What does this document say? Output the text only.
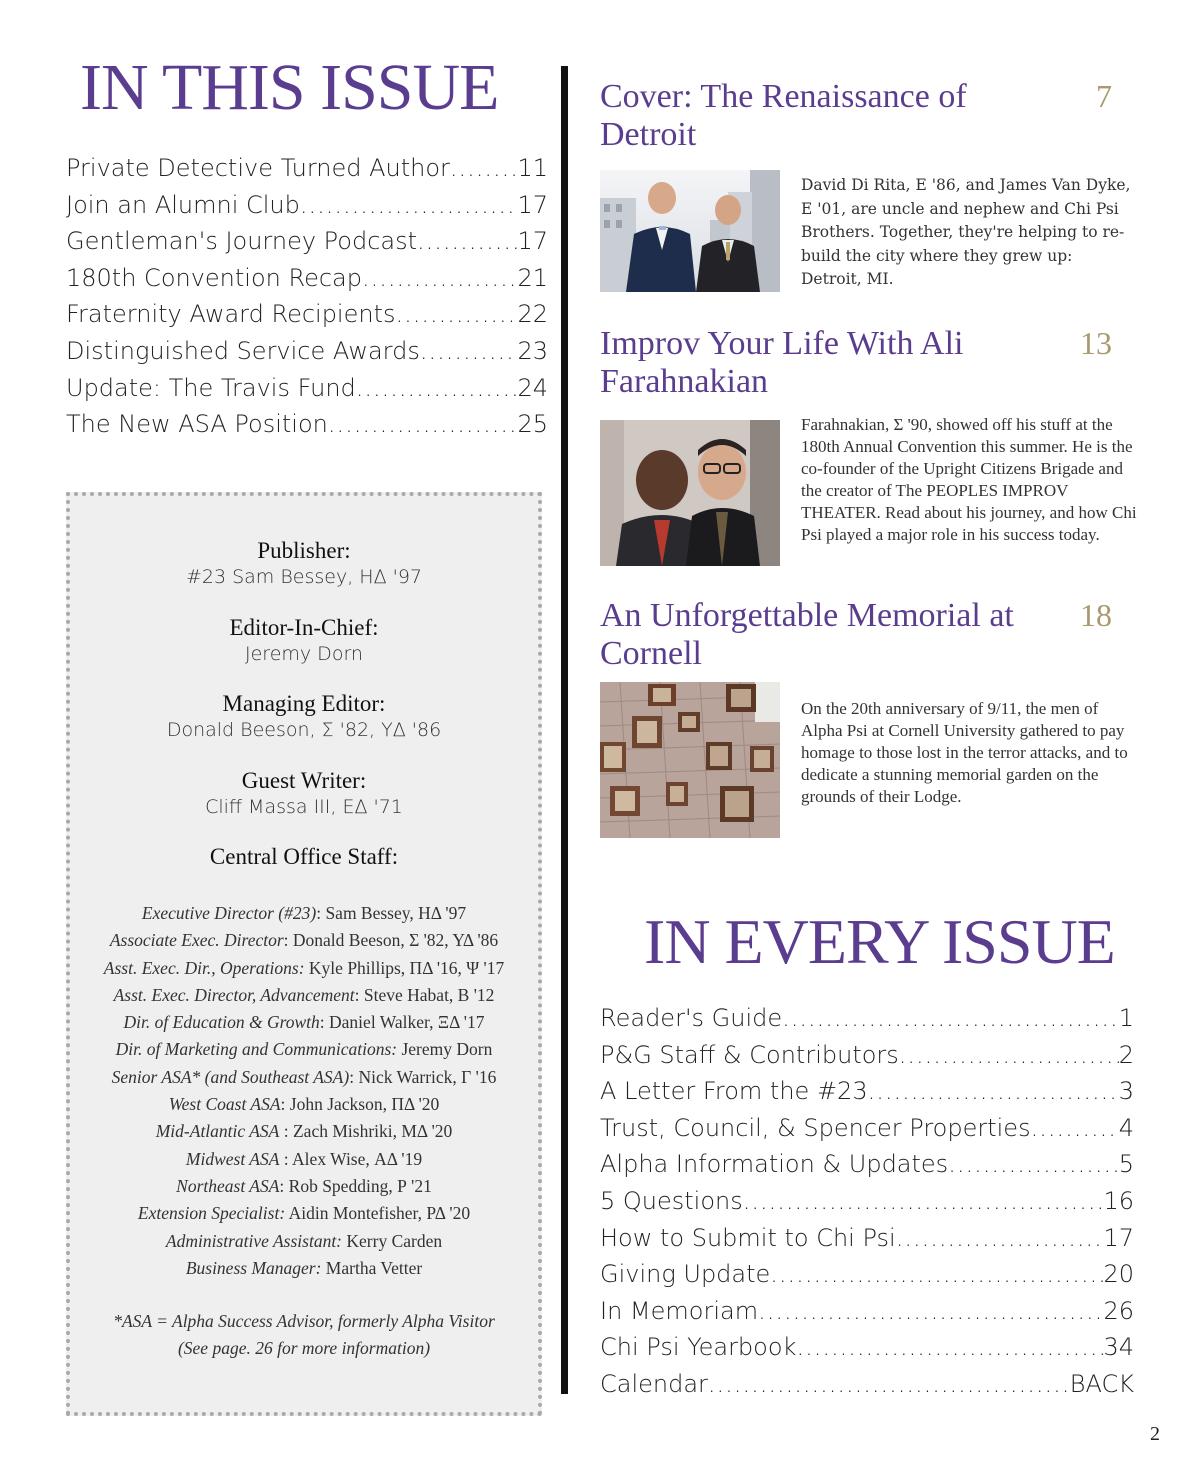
IN THIS ISSUE
Private Detective Turned Author .....	11
Join an Alumni Club .....	17
Gentleman's Journey Podcast .....	17
180th Convention Recap .....	21
Fraternity Award Recipients .....	22
Distinguished Service Awards .....	23
Update: The Travis Fund .....	24
The New ASA Position .....	25
Publisher:
#23 Sam Bessey, ΗΔ '97
Editor-In-Chief:
Jeremy Dorn
Managing Editor:
Donald Beeson, Σ '82, ΥΔ '86
Guest Writer:
Cliff Massa III, ΕΔ '71
Central Office Staff:
Executive Director (#23): Sam Bessey, ΗΔ '97
Associate Exec. Director: Donald Beeson, Σ '82, ΥΔ '86
Asst. Exec. Dir., Operations: Kyle Phillips, ΠΔ '16, Ψ '17
Asst. Exec. Director, Advancement: Steve Habat, Β '12
Dir. of Education & Growth: Daniel Walker, ΞΔ '17
Dir. of Marketing and Communications: Jeremy Dorn
Senior ASA* (and Southeast ASA): Nick Warrick, Γ '16
West Coast ASA: John Jackson, ΠΔ '20
Mid-Atlantic ASA : Zach Mishriki, ΜΔ '20
Midwest ASA : Alex Wise, ΑΔ '19
Northeast ASA: Rob Spedding, Ρ '21
Extension Specialist: Aidin Montefisher, ΡΔ '20
Administrative Assistant: Kerry Carden
Business Manager: Martha Vetter
*ASA = Alpha Success Advisor, formerly Alpha Visitor
(See page. 26 for more information)
Cover: The Renaissance of Detroit
7
David Di Rita, E '86, and James Van Dyke, E '01, are uncle and nephew and Chi Psi Brothers. Together, they're helping to re-build the city where they grew up: Detroit, MI.
Improv Your Life With Ali Farahnakian
13
Farahnakian, Σ '90, showed off his stuff at the 180th Annual Convention this summer. He is the co-founder of the Upright Citizens Brigade and the creator of The PEOPLES IMPROV THEATER. Read about his journey, and how Chi Psi played a major role in his success today.
An Unforgettable Memorial at Cornell
18
On the 20th anniversary of 9/11, the men of Alpha Psi at Cornell University gathered to pay homage to those lost in the terror attacks, and to dedicate a stunning memorial garden on the grounds of their Lodge.
IN EVERY ISSUE
Reader's Guide .....	1
P&G Staff & Contributors .....	2
A Letter From the #23 .....	3
Trust, Council, & Spencer Properties .....	4
Alpha Information & Updates .....	5
5 Questions .....	16
How to Submit to Chi Psi .....	17
Giving Update .....	20
In Memoriam .....	26
Chi Psi Yearbook .....	34
Calendar .....	BACK
2
